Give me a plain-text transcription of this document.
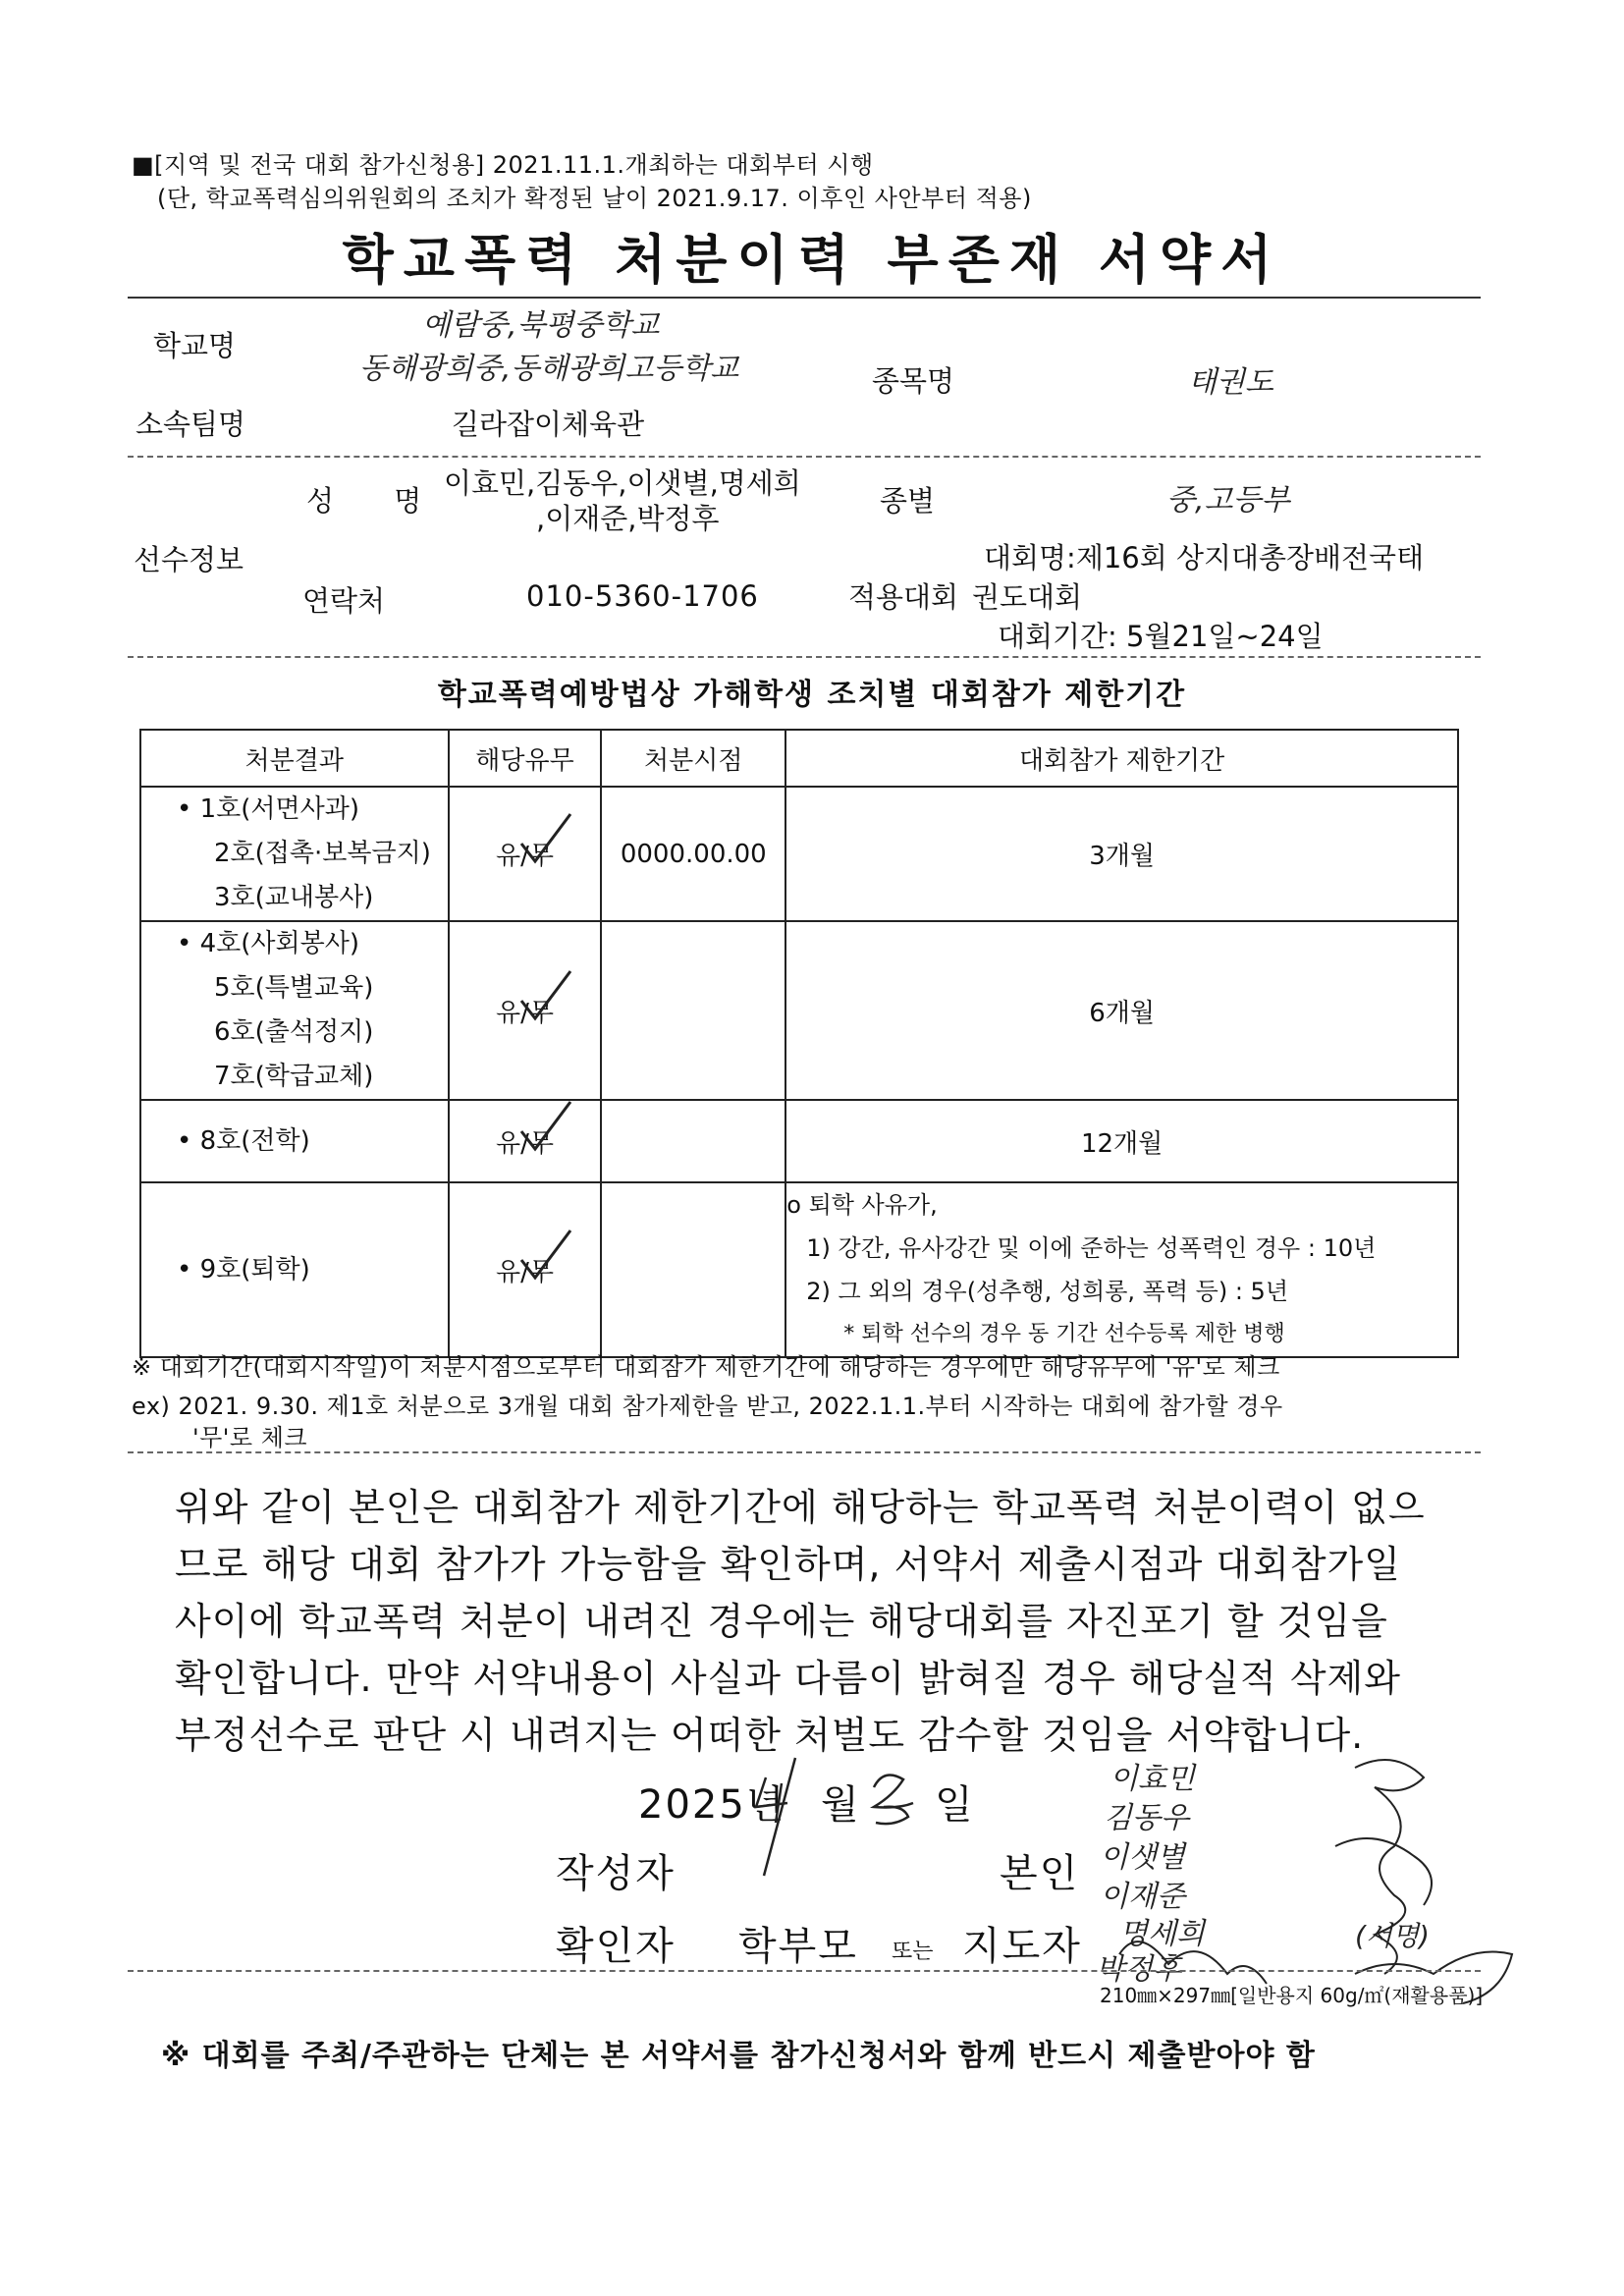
■[지역 및 전국 대회 참가신청용] 2021.11.1.개최하는 대회부터 시행
(단, 학교폭력심의위원회의 조치가 확정된 날이 2021.9.17. 이후인 사안부터 적용)
학교폭력 처분이력 부존재 서약서
학교명
예람중,북평중학교
동해광희중,동해광희고등학교	종목명	태권도
소속팀명	길라잡이체육관
성 명
이효민,김동우,이샛별,명세희
,이재준,박정후
종별	중,고등부
선수정보	대회명:제16회 상지대총장배전국태
연락처	010-5360-1706	적용대회 권도대회
대회기간: 5월21일~24일
학교폭력예방법상 가해학생 조치별 대회참가 제한기간
처분결과	해당유무	처분시점	대회참가 제한기간

• 1호(서면사과)
2호(접촉·보복금지)
3호(교내봉사)	유/무	0000.00.00	3개월

• 4호(사회봉사)
5호(특별교육)
6호(출석정지)
7호(학급교체)	유/무		6개월

• 8호(전학)	유/무		12개월

• 9호(퇴학)	유/무		o 퇴학 사유가,
1) 강간, 유사강간 및 이에 준하는 성폭력인 경우 : 10년
2) 그 외의 경우(성추행, 성희롱, 폭력 등) : 5년
* 퇴학 선수의 경우 동 기간 선수등록 제한 병행
※ 대회기간(대회시작일)이 처분시점으로부터 대회참가 제한기간에 해당하는 경우에만 해당유무에 '유'로 체크
ex) 2021. 9.30. 제1호 처분으로 3개월 대회 참가제한을 받고, 2022.1.1.부터 시작하는 대회에 참가할 경우
'무'로 체크
위와 같이 본인은 대회참가 제한기간에 해당하는 학교폭력 처분이력이 없으
므로 해당 대회 참가가 가능함을 확인하며, 서약서 제출시점과 대회참가일
사이에 학교폭력 처분이 내려진 경우에는 해당대회를 자진포기 할 것임을
확인합니다. 만약 서약내용이 사실과 다름이 밝혀질 경우 해당실적 삭제와
부정선수로 판단 시 내려지는 어떠한 처벌도 감수할 것임을 서약합니다.
2025년 월 일
작성자	본인
확인자 학부모 또는 지도자
이효민
김동우
이샛별
이재준
명세희
박정후
(서명)
210㎜×297㎜[일반용지 60g/㎡(재활용품)]
※ 대회를 주최/주관하는 단체는 본 서약서를 참가신청서와 함께 반드시 제출받아야 함
